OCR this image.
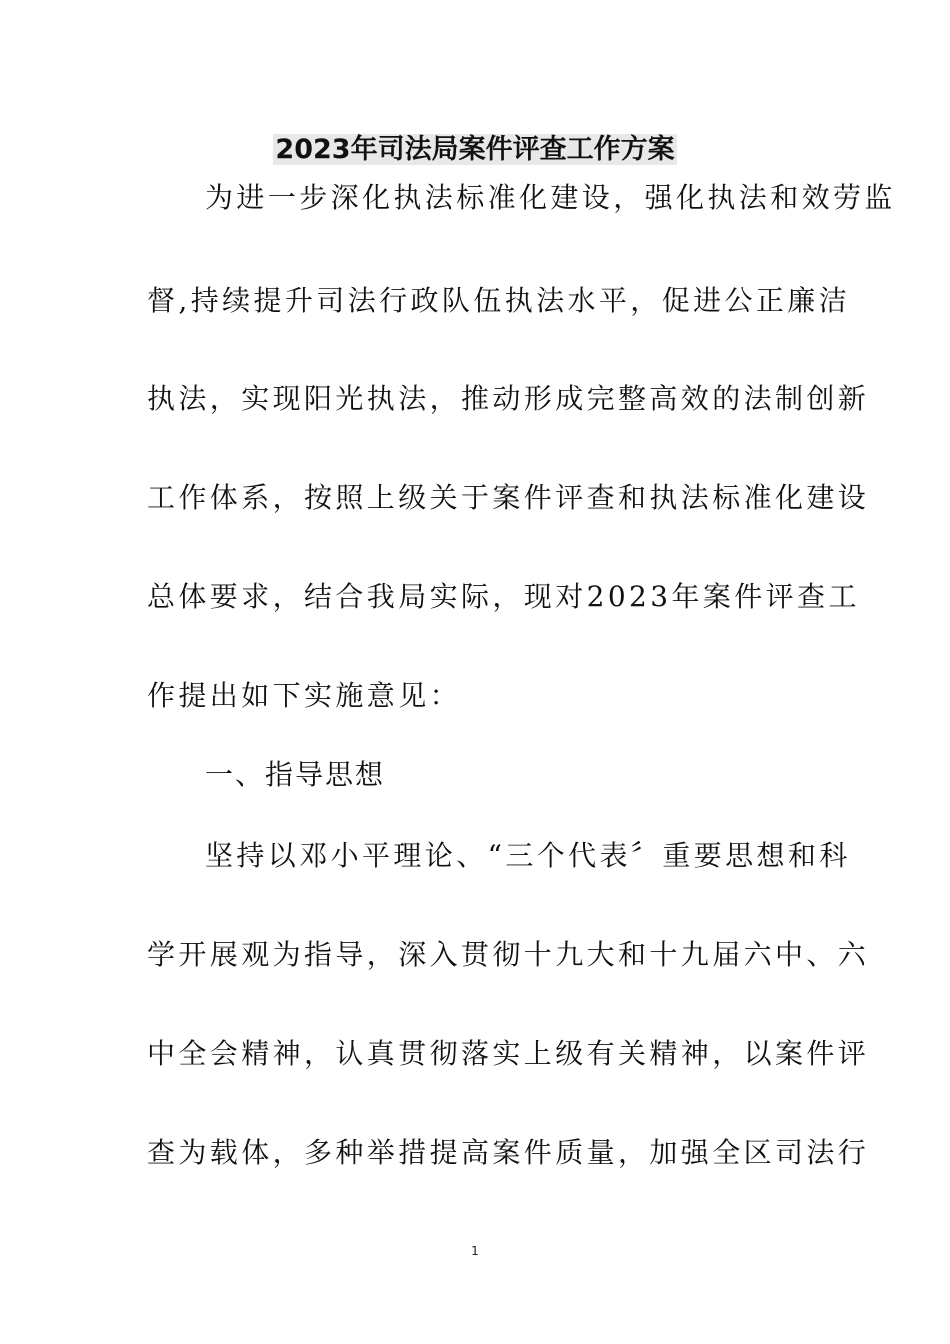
2023年司法局案件评查工作方案
为进一步深化执法标准化建设，强化执法和效劳监
督,持续提升司法行政队伍执法水平，促进公正廉洁
执法，实现阳光执法，推动形成完整高效的法制创新
工作体系，按照上级关于案件评查和执法标准化建设
总体要求，结合我局实际，现对2023年案件评查工
作提出如下实施意见：
一、指导思想
坚持以邓小平理论、“三个代表〞重要思想和科
学开展观为指导，深入贯彻十九大和十九届六中、六
中全会精神，认真贯彻落实上级有关精神，以案件评
查为载体，多种举措提高案件质量，加强全区司法行
1
